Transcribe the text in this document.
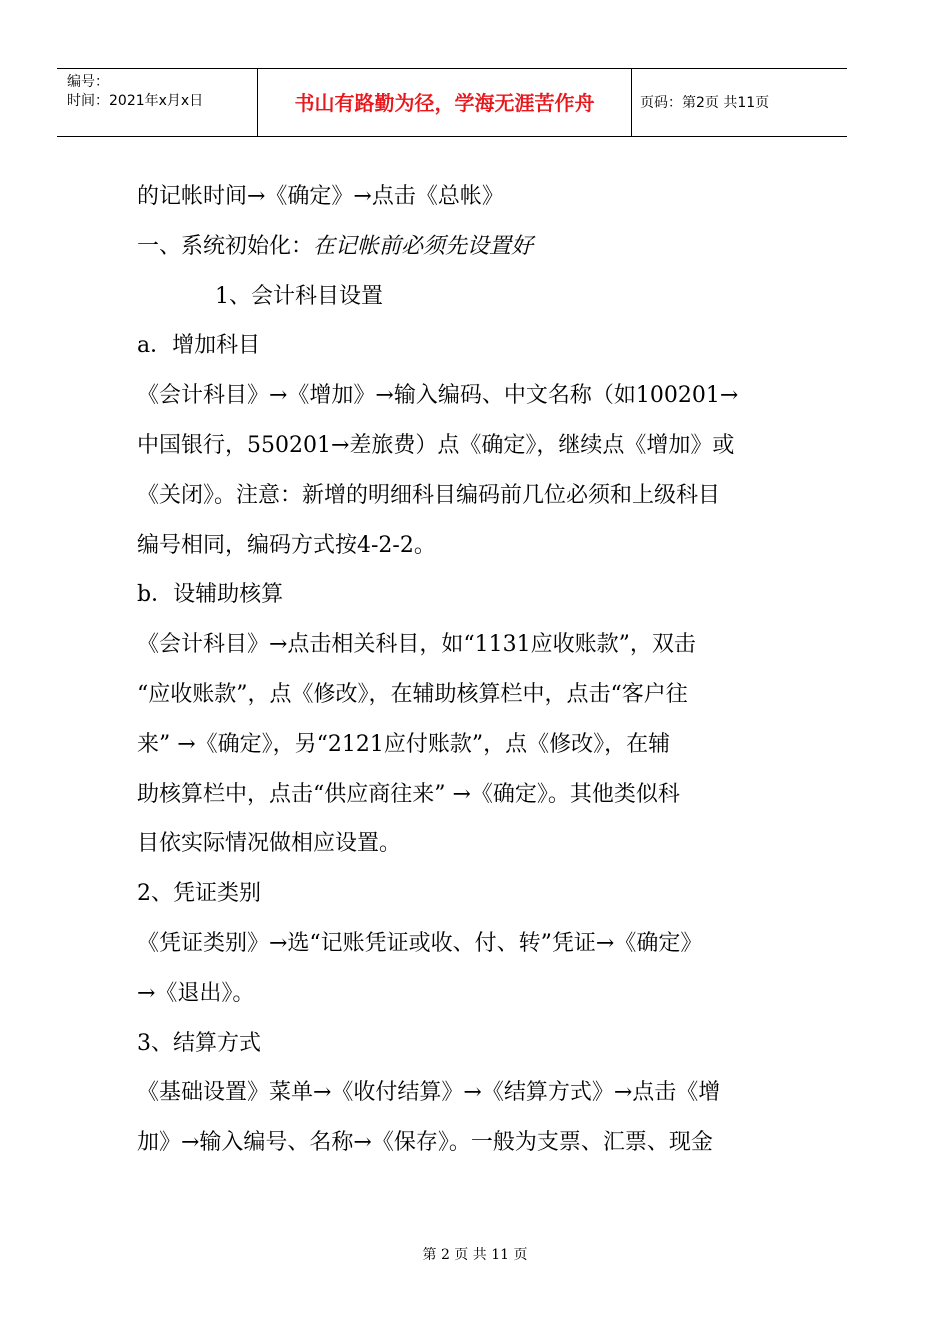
编号：
时间：2021年x月x日	书山有路勤为径，学海无涯苦作舟	页码：第2页 共11页

的记帐时间→《确定》→点击《总帐》

一、系统初始化：在记帐前必须先设置好

1、会计科目设置

a．增加科目

《会计科目》→《增加》→输入编码、中文名称（如100201→

中国银行，550201→差旅费）点《确定》，继续点《增加》或

《关闭》。注意：新增的明细科目编码前几位必须和上级科目

编号相同，编码方式按4-2-2。

b．设辅助核算

《会计科目》→点击相关科目，如“1131应收账款”，双击

“应收账款”，点《修改》，在辅助核算栏中，点击“客户往

来” →《确定》，另“2121应付账款”，点《修改》，在辅

助核算栏中，点击“供应商往来” →《确定》。其他类似科

目依实际情况做相应设置。

2、凭证类别

《凭证类别》→选“记账凭证或收、付、转”凭证→《确定》

→《退出》。

3、结算方式

《基础设置》菜单→《收付结算》→《结算方式》→点击《增

加》→输入编号、名称→《保存》。一般为支票、汇票、现金

第 2 页 共 11 页
